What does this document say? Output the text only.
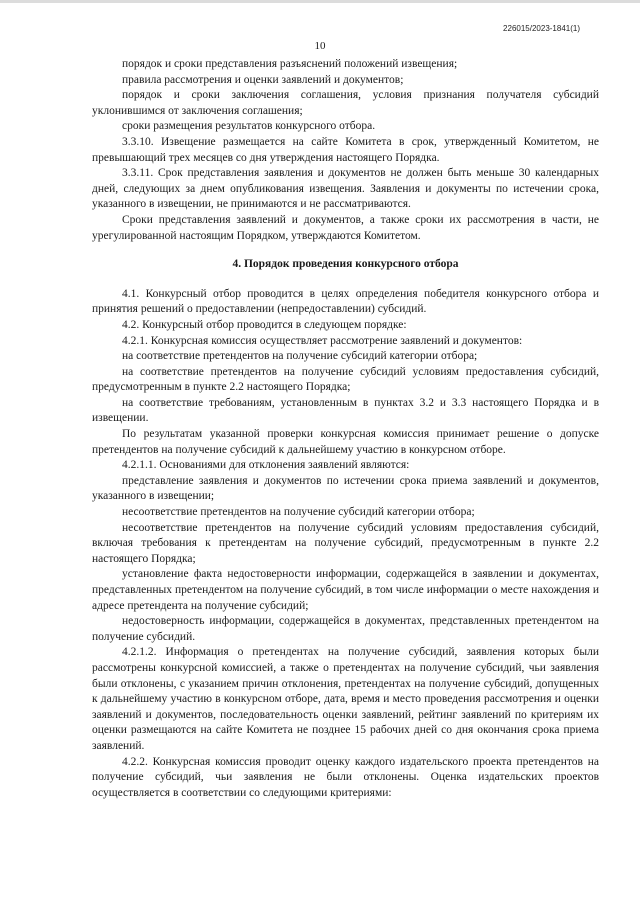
226015/2023-1841(1)
10

порядок и сроки представления разъяснений положений извещения;

правила рассмотрения и оценки заявлений и документов;

порядок и сроки заключения соглашения, условия признания получателя субсидий уклонившимся от заключения соглашения;

сроки размещения результатов конкурсного отбора.

3.3.10. Извещение размещается на сайте Комитета в срок, утвержденный Комитетом, не превышающий трех месяцев со дня утверждения настоящего Порядка.

3.3.11. Срок представления заявления и документов не должен быть меньше 30 календарных дней, следующих за днем опубликования извещения. Заявления и документы по истечении срока, указанного в извещении, не принимаются и не рассматриваются.

Сроки представления заявлений и документов, а также сроки их рассмотрения в части, не урегулированной настоящим Порядком, утверждаются Комитетом.

4. Порядок проведения конкурсного отбора

4.1. Конкурсный отбор проводится в целях определения победителя конкурсного отбора и принятия решений о предоставлении (непредоставлении) субсидий.

4.2. Конкурсный отбор проводится в следующем порядке:

4.2.1. Конкурсная комиссия осуществляет рассмотрение заявлений и документов:

на соответствие претендентов на получение субсидий категории отбора;

на соответствие претендентов на получение субсидий условиям предоставления субсидий, предусмотренным в пункте 2.2 настоящего Порядка;

на соответствие требованиям, установленным в пунктах 3.2 и 3.3 настоящего Порядка и в извещении.

По результатам указанной проверки конкурсная комиссия принимает решение о допуске претендентов на получение субсидий к дальнейшему участию в конкурсном отборе.

4.2.1.1. Основаниями для отклонения заявлений являются:

представление заявления и документов по истечении срока приема заявлений и документов, указанного в извещении;

несоответствие претендентов на получение субсидий категории отбора;

несоответствие претендентов на получение субсидий условиям предоставления субсидий, включая требования к претендентам на получение субсидий, предусмотренным в пункте 2.2 настоящего Порядка;

установление факта недостоверности информации, содержащейся в заявлении и документах, представленных претендентом на получение субсидий, в том числе информации о месте нахождения и адресе претендента на получение субсидий;

недостоверность информации, содержащейся в документах, представленных претендентом на получение субсидий.

4.2.1.2. Информация о претендентах на получение субсидий, заявления которых были рассмотрены конкурсной комиссией, а также о претендентах на получение субсидий, чьи заявления были отклонены, с указанием причин отклонения, претендентах на получение субсидий, допущенных к дальнейшему участию в конкурсном отборе, дата, время и место проведения рассмотрения и оценки заявлений и документов, последовательность оценки заявлений, рейтинг заявлений по критериям их оценки размещаются на сайте Комитета не позднее 15 рабочих дней со дня окончания срока приема заявлений.

4.2.2. Конкурсная комиссия проводит оценку каждого издательского проекта претендентов на получение субсидий, чьи заявления не были отклонены. Оценка издательских проектов осуществляется в соответствии со следующими критериями:
